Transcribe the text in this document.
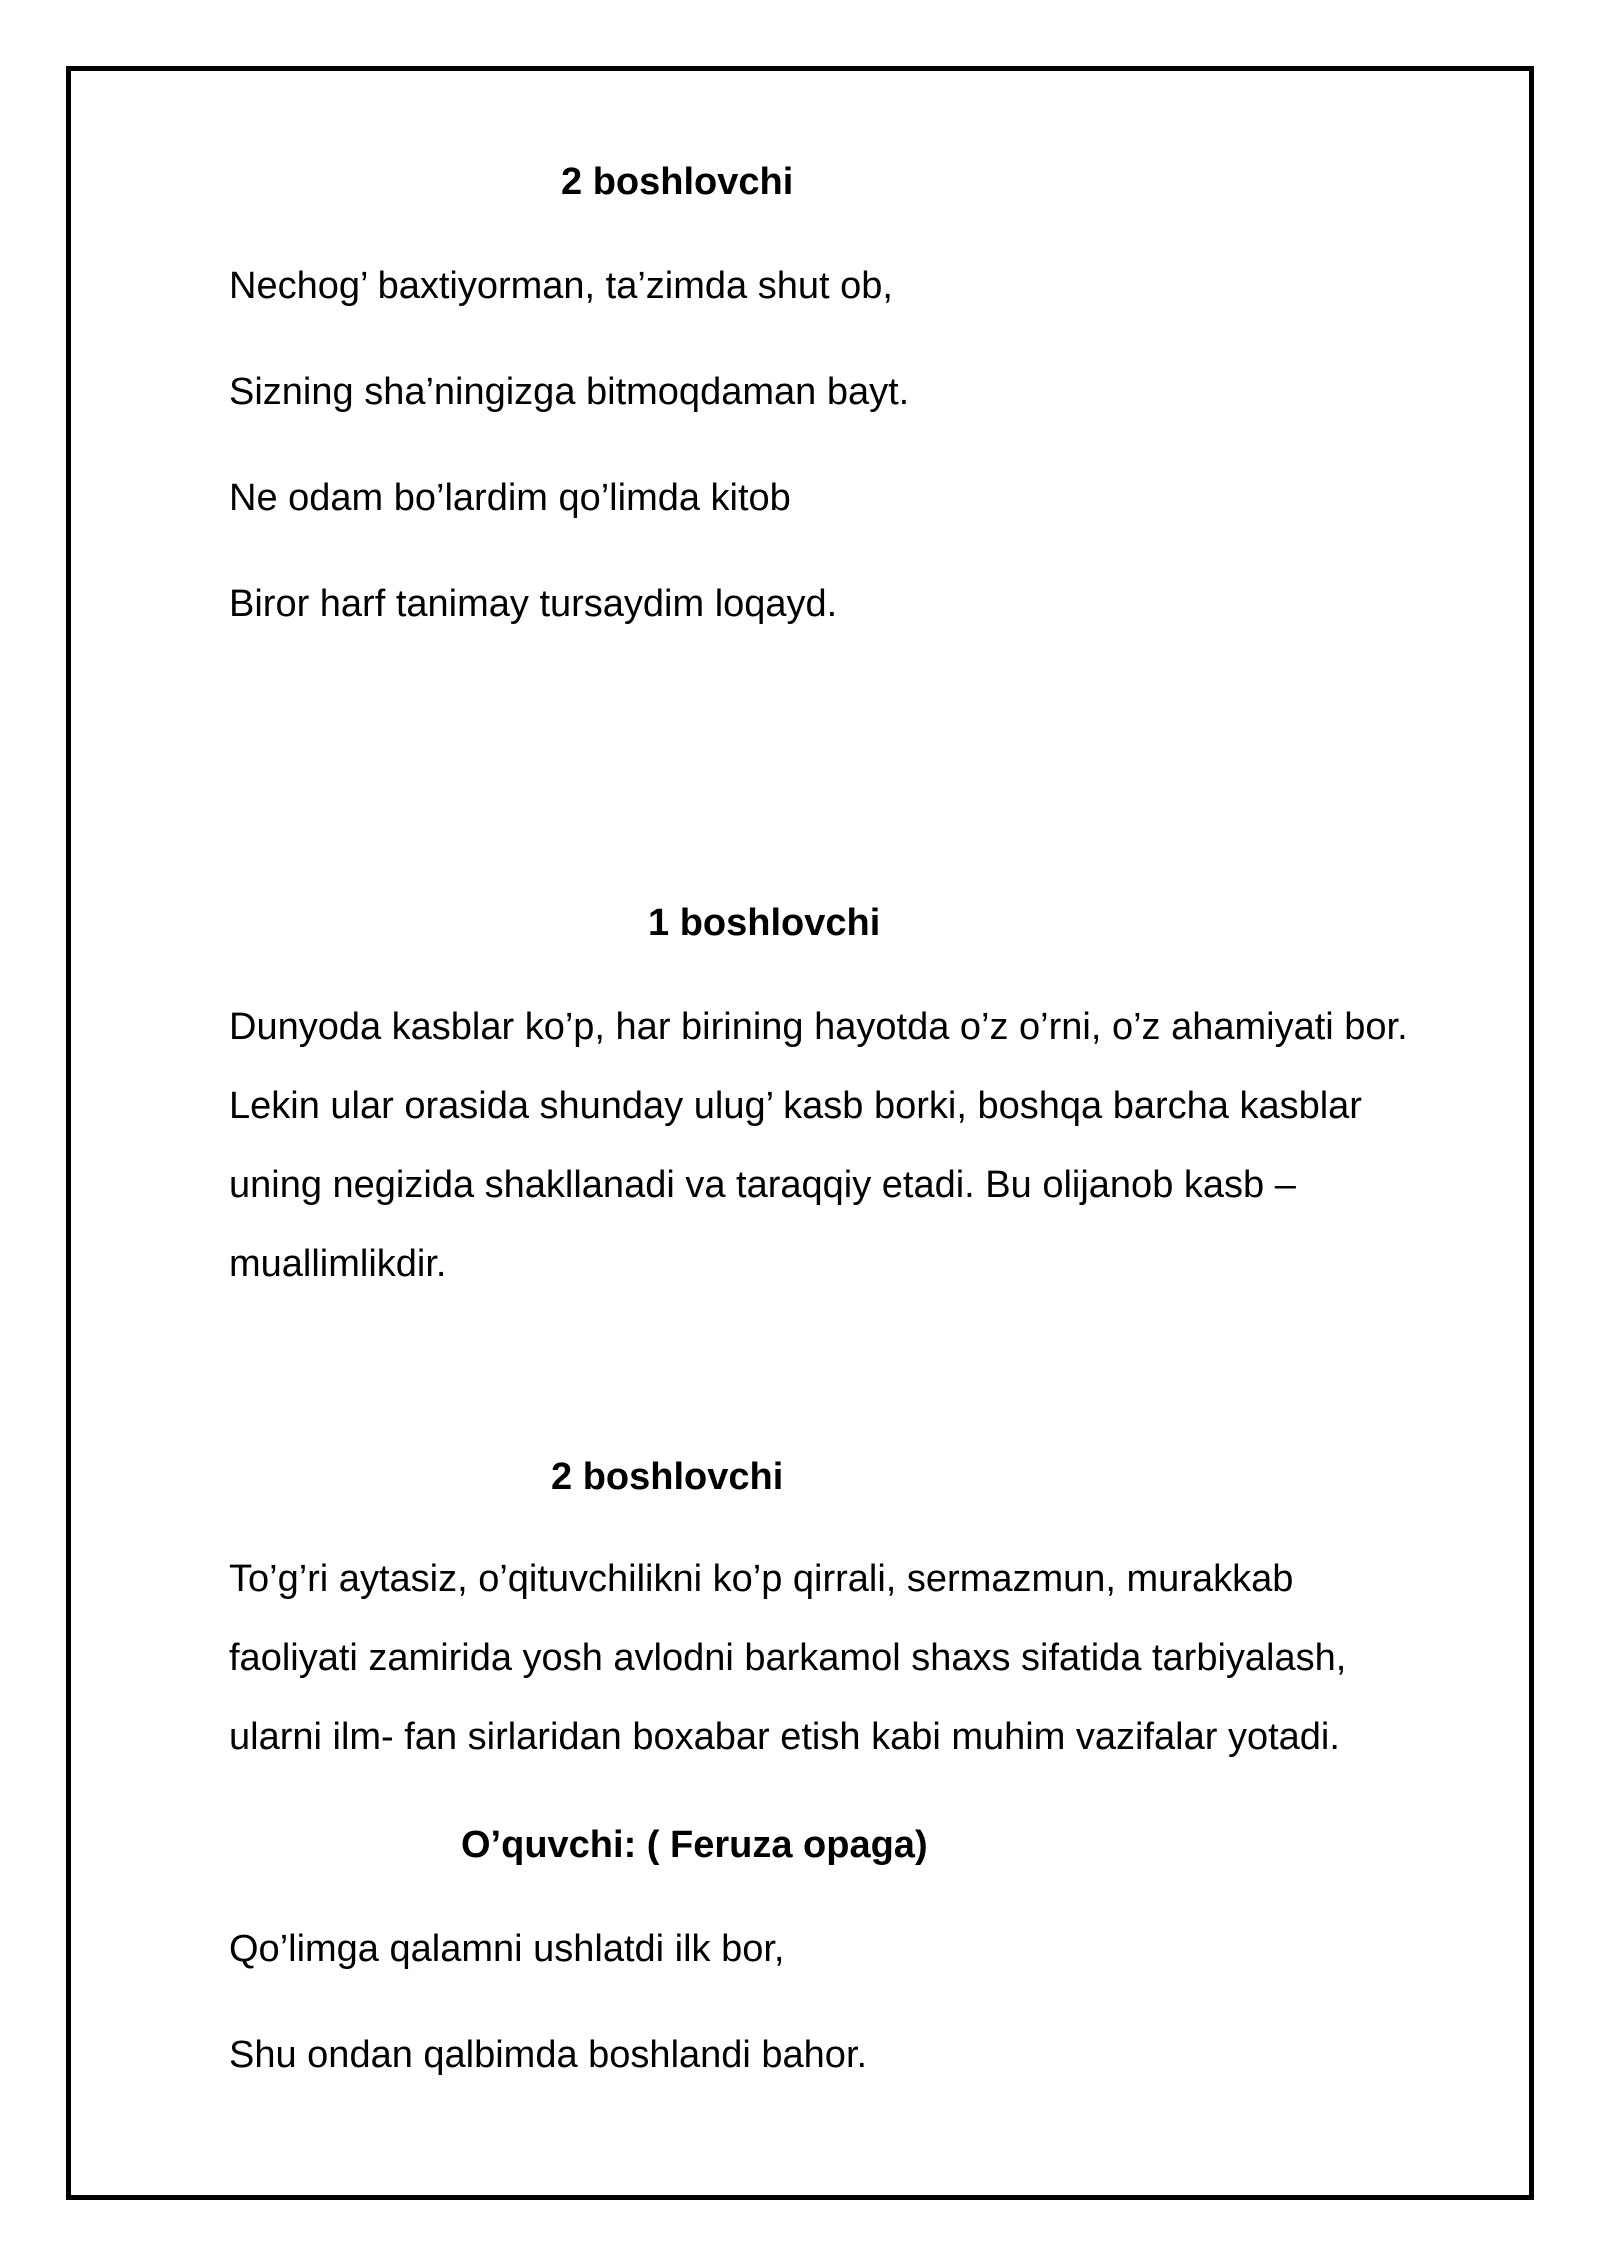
2 boshlovchi
Nechog’ baxtiyorman, ta’zimda shut ob,
Sizning sha’ningizga bitmoqdaman bayt.
Ne odam bo’lardim qo’limda kitob
Biror harf tanimay tursaydim loqayd.
1 boshlovchi
Dunyoda kasblar ko’p, har birining hayotda o’z o’rni, o’z ahamiyati bor.
Lekin ular orasida shunday ulug’ kasb borki, boshqa barcha kasblar
uning negizida shakllanadi va taraqqiy etadi. Bu olijanob kasb –
muallimlikdir.
2 boshlovchi
To’g’ri aytasiz, o’qituvchilikni ko’p qirrali, sermazmun, murakkab
faoliyati zamirida yosh avlodni barkamol shaxs sifatida tarbiyalash,
ularni ilm- fan sirlaridan boxabar etish kabi muhim vazifalar yotadi.
O’quvchi: ( Feruza opaga)
Qo’limga qalamni ushlatdi ilk bor,
Shu ondan qalbimda boshlandi bahor.
